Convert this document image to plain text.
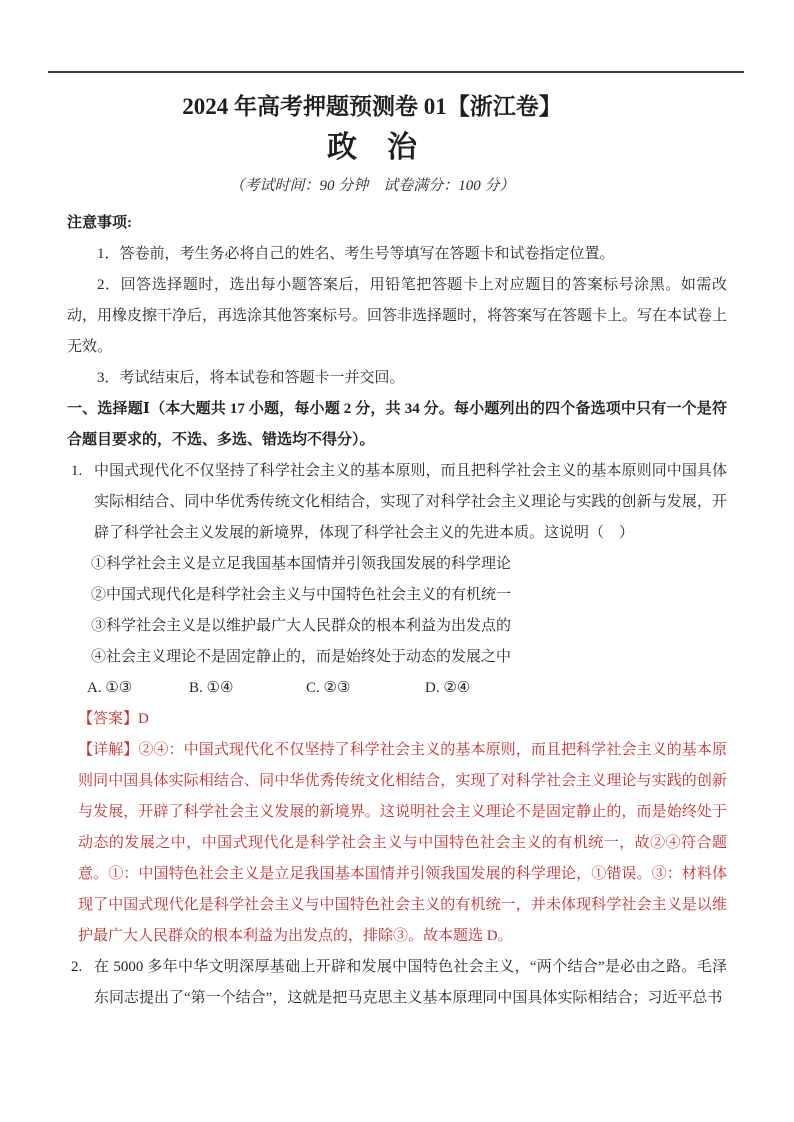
2024 年高考押题预测卷 01【浙江卷】
政　治
（考试时间：90 分钟　试卷满分：100 分）
注意事项:

1．答卷前，考生务必将自己的姓名、考生号等填写在答题卡和试卷指定位置。

2．回答选择题时，选出每小题答案后，用铅笔把答题卡上对应题目的答案标号涂黑。如需改动，用橡皮擦干净后，再选涂其他答案标号。回答非选择题时，将答案写在答题卡上。写在本试卷上无效。

3．考试结束后，将本试卷和答题卡一并交回。

一、选择题Ⅰ（本大题共 17 小题，每小题 2 分，共 34 分。每小题列出的四个备选项中只有一个是符合题目要求的，不选、多选、错选均不得分）。

1. 中国式现代化不仅坚持了科学社会主义的基本原则，而且把科学社会主义的基本原则同中国具体实际相结合、同中华优秀传统文化相结合，实现了对科学社会主义理论与实践的创新与发展，开辟了科学社会主义发展的新境界，体现了科学社会主义的先进本质。这说明（　）

①科学社会主义是立足我国基本国情并引领我国发展的科学理论

②中国式现代化是科学社会主义与中国特色社会主义的有机统一

③科学社会主义是以维护最广大人民群众的根本利益为出发点的

④社会主义理论不是固定静止的，而是始终处于动态的发展之中

A. ①③	B. ①④	C. ②③	D. ②④

【答案】D

【详解】②④：中国式现代化不仅坚持了科学社会主义的基本原则，而且把科学社会主义的基本原则同中国具体实际相结合、同中华优秀传统文化相结合，实现了对科学社会主义理论与实践的创新与发展，开辟了科学社会主义发展的新境界。这说明社会主义理论不是固定静止的，而是始终处于动态的发展之中，中国式现代化是科学社会主义与中国特色社会主义的有机统一，故②④符合题意。①：中国特色社会主义是立足我国基本国情并引领我国发展的科学理论，①错误。③：材料体现了中国式现代化是科学社会主义与中国特色社会主义的有机统一，并未体现科学社会主义是以维护最广大人民群众的根本利益为出发点的，排除③。故本题选 D。

2. 在 5000 多年中华文明深厚基础上开辟和发展中国特色社会主义，“两个结合”是必由之路。毛泽东同志提出了“第一个结合”，这就是把马克思主义基本原理同中国具体实际相结合；习近平总书
